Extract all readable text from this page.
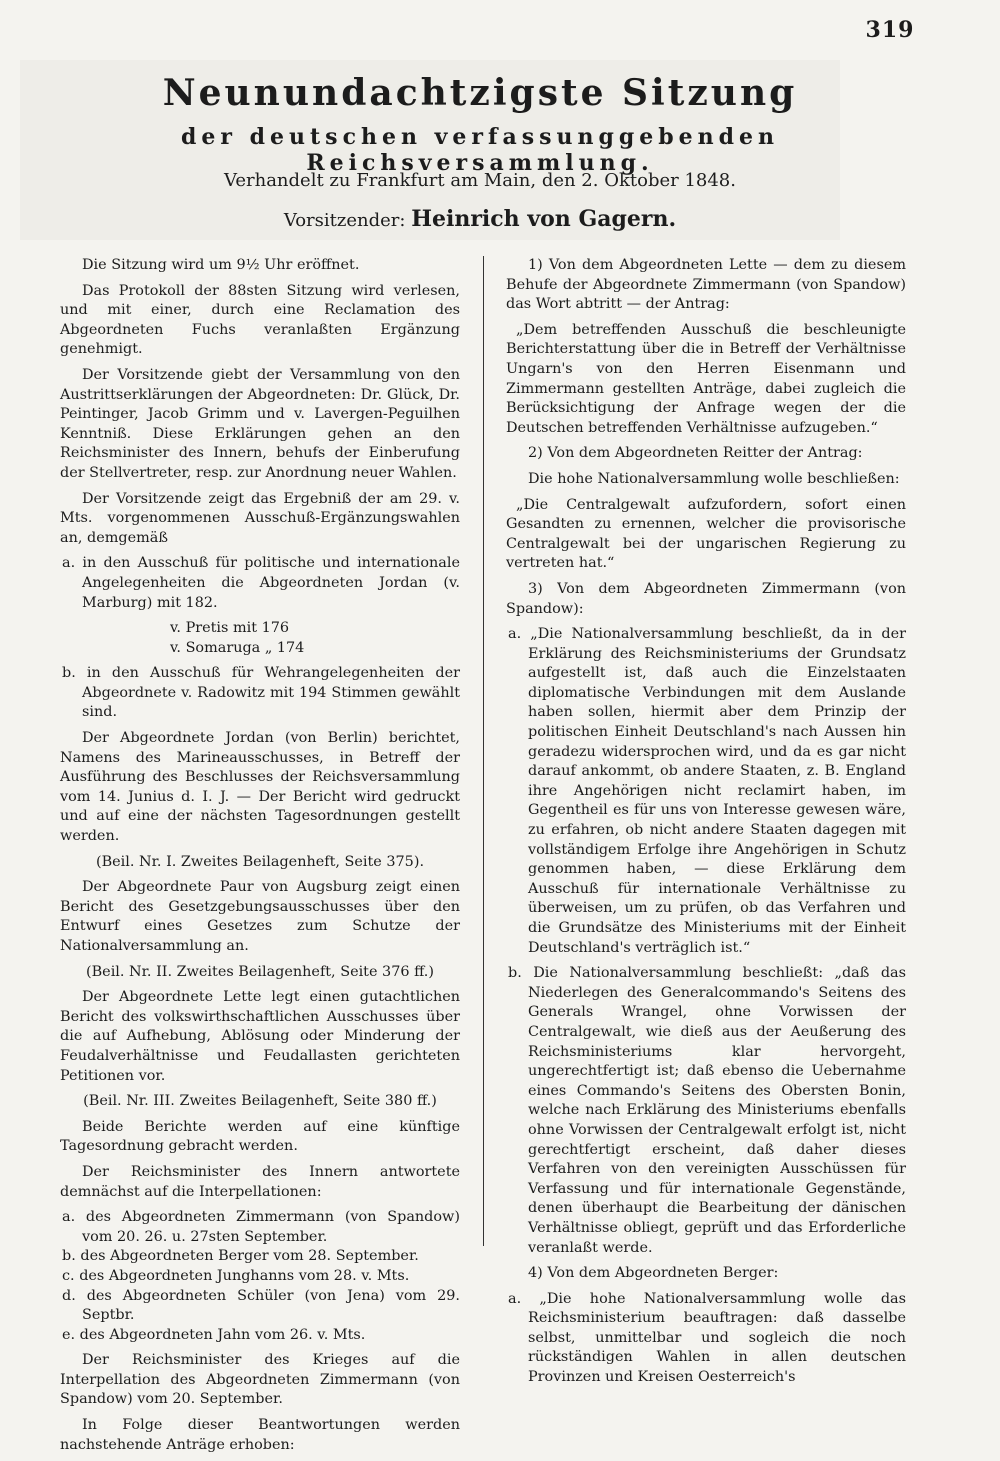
319
Neunundachtzigste Sitzung
der deutschen verfassunggebenden Reichsversammlung.
Verhandelt zu Frankfurt am Main, den 2. Oktober 1848.
Vorsitzender: Heinrich von Gagern.

Die Sitzung wird um 9½ Uhr eröffnet.

Das Protokoll der 88sten Sitzung wird verlesen, und mit einer, durch eine Reclamation des Abgeordneten Fuchs veranlaßten Ergänzung genehmigt.

Der Vorsitzende giebt der Versammlung von den Austrittserklärungen der Abgeordneten: Dr. Glück, Dr. Peintinger, Jacob Grimm und v. Lavergen-Peguilhen Kenntniß. Diese Erklärungen gehen an den Reichsminister des Innern, behufs der Einberufung der Stellvertreter, resp. zur Anordnung neuer Wahlen.

Der Vorsitzende zeigt das Ergebniß der am 29. v. Mts. vorgenommenen Ausschuß-Ergänzungswahlen an, demgemäß

a. in den Ausschuß für politische und internationale Angelegenheiten die Abgeordneten Jordan (v. Marburg) mit 182.

v. Pretis mit 176

v. Somaruga „ 174

b. in den Ausschuß für Wehrangelegenheiten der Abgeordnete v. Radowitz mit 194 Stimmen gewählt sind.

Der Abgeordnete Jordan (von Berlin) berichtet, Namens des Marineausschusses, in Betreff der Ausführung des Beschlusses der Reichsversammlung vom 14. Junius d. I. J. — Der Bericht wird gedruckt und auf eine der nächsten Tagesordnungen gestellt werden.

(Beil. Nr. I. Zweites Beilagenheft, Seite 375).

Der Abgeordnete Paur von Augsburg zeigt einen Bericht des Gesetzgebungsausschusses über den Entwurf eines Gesetzes zum Schutze der Nationalversammlung an.

(Beil. Nr. II. Zweites Beilagenheft, Seite 376 ff.)

Der Abgeordnete Lette legt einen gutachtlichen Bericht des volkswirthschaftlichen Ausschusses über die auf Aufhebung, Ablösung oder Minderung der Feudalverhältnisse und Feudallasten gerichteten Petitionen vor.

(Beil. Nr. III. Zweites Beilagenheft, Seite 380 ff.)

Beide Berichte werden auf eine künftige Tagesordnung gebracht werden.

Der Reichsminister des Innern antwortete demnächst auf die Interpellationen:

a. des Abgeordneten Zimmermann (von Spandow) vom 20. 26. u. 27sten September.

b. des Abgeordneten Berger vom 28. September.

c. des Abgeordneten Junghanns vom 28. v. Mts.

d. des Abgeordneten Schüler (von Jena) vom 29. Septbr.

e. des Abgeordneten Jahn vom 26. v. Mts.

Der Reichsminister des Krieges auf die Interpellation des Abgeordneten Zimmermann (von Spandow) vom 20. September.

In Folge dieser Beantwortungen werden nachstehende Anträge erhoben:

1) Von dem Abgeordneten Lette — dem zu diesem Behufe der Abgeordnete Zimmermann (von Spandow) das Wort abtritt — der Antrag:

„Dem betreffenden Ausschuß die beschleunigte Berichterstattung über die in Betreff der Verhältnisse Ungarn's von den Herren Eisenmann und Zimmermann gestellten Anträge, dabei zugleich die Berücksichtigung der Anfrage wegen der die Deutschen betreffenden Verhältnisse aufzugeben.“

2) Von dem Abgeordneten Reitter der Antrag:

Die hohe Nationalversammlung wolle beschließen:

„Die Centralgewalt aufzufordern, sofort einen Gesandten zu ernennen, welcher die provisorische Centralgewalt bei der ungarischen Regierung zu vertreten hat.“

3) Von dem Abgeordneten Zimmermann (von Spandow):

a. „Die Nationalversammlung beschließt, da in der Erklärung des Reichsministeriums der Grundsatz aufgestellt ist, daß auch die Einzelstaaten diplomatische Verbindungen mit dem Auslande haben sollen, hiermit aber dem Prinzip der politischen Einheit Deutschland's nach Aussen hin geradezu widersprochen wird, und da es gar nicht darauf ankommt, ob andere Staaten, z. B. England ihre Angehörigen nicht reclamirt haben, im Gegentheil es für uns von Interesse gewesen wäre, zu erfahren, ob nicht andere Staaten dagegen mit vollständigem Erfolge ihre Angehörigen in Schutz genommen haben, — diese Erklärung dem Ausschuß für internationale Verhältnisse zu überweisen, um zu prüfen, ob das Verfahren und die Grundsätze des Ministeriums mit der Einheit Deutschland's verträglich ist.“

b. Die Nationalversammlung beschließt: „daß das Niederlegen des Generalcommando's Seitens des Generals Wrangel, ohne Vorwissen der Centralgewalt, wie dieß aus der Aeußerung des Reichsministeriums klar hervorgeht, ungerechtfertigt ist; daß ebenso die Uebernahme eines Commando's Seitens des Obersten Bonin, welche nach Erklärung des Ministeriums ebenfalls ohne Vorwissen der Centralgewalt erfolgt ist, nicht gerechtfertigt erscheint, daß daher dieses Verfahren von den vereinigten Ausschüssen für Verfassung und für internationale Gegenstände, denen überhaupt die Bearbeitung der dänischen Verhältnisse obliegt, geprüft und das Erforderliche veranlaßt werde.

4) Von dem Abgeordneten Berger:

a. „Die hohe Nationalversammlung wolle das Reichsministerium beauftragen: daß dasselbe selbst, unmittelbar und sogleich die noch rückständigen Wahlen in allen deutschen Provinzen und Kreisen Oesterreich's
